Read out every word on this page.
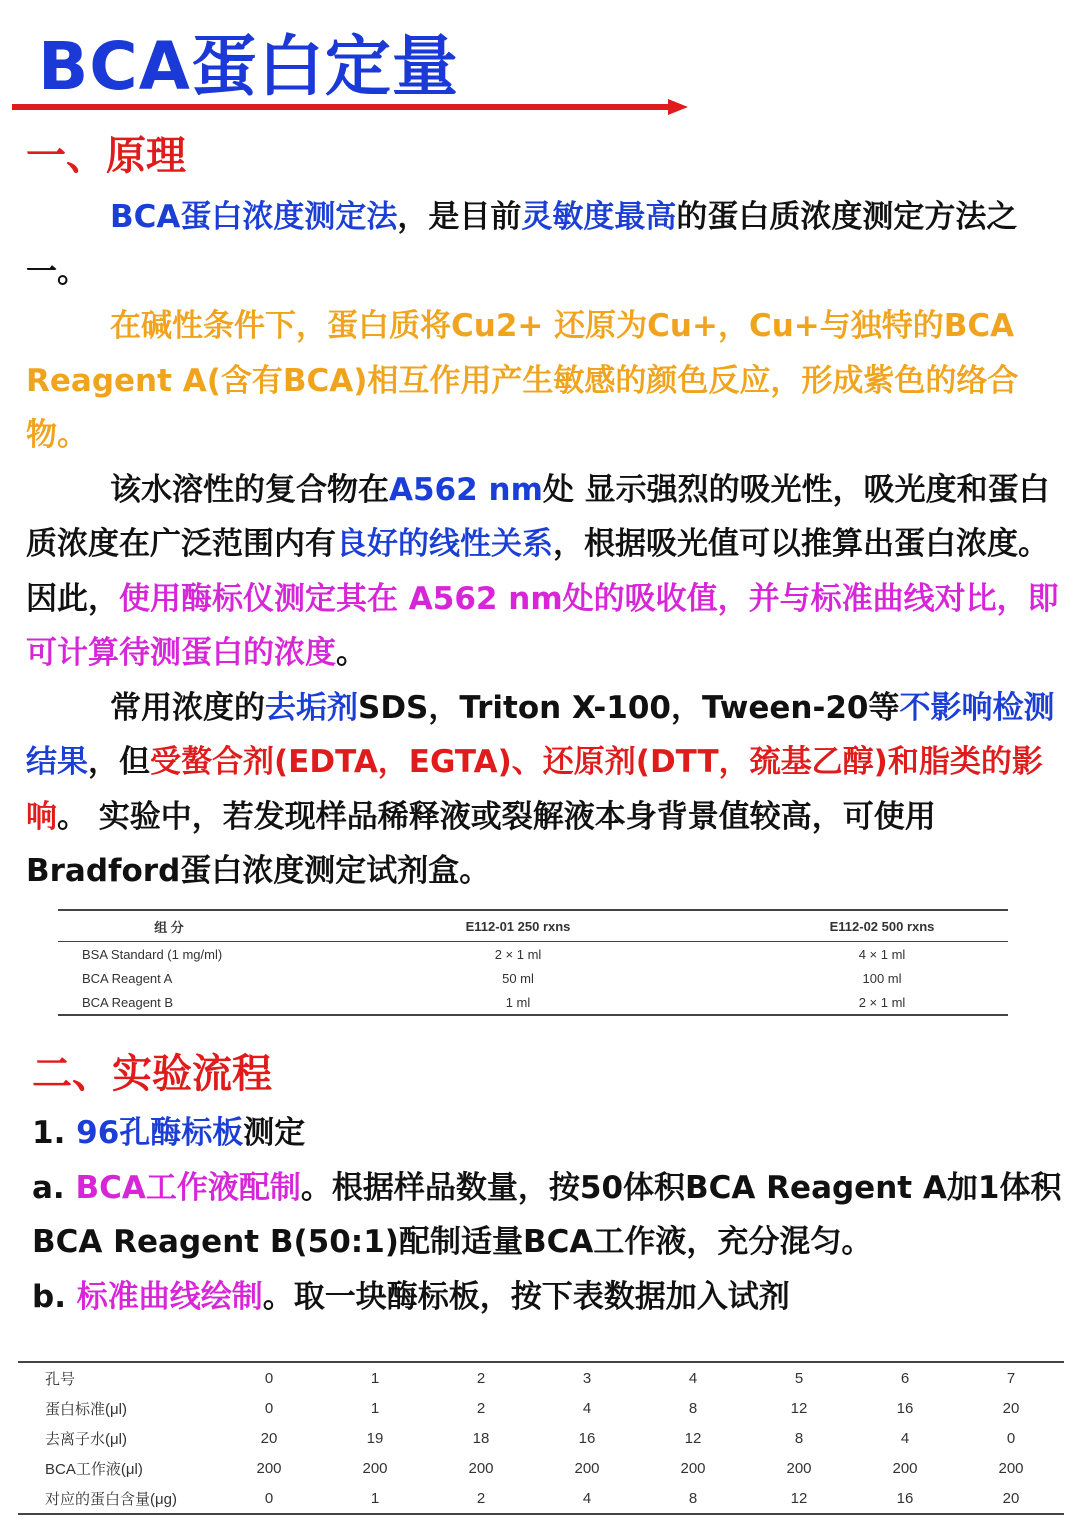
BCA蛋白定量
一、原理

BCA蛋白浓度测定法，是目前灵敏度最高的蛋白质浓度测定方法之一。

在碱性条件下，蛋白质将Cu2+ 还原为Cu+，Cu+与独特的BCA Reagent A(含有BCA)相互作用产生敏感的颜色反应，形成紫色的络合物。

该水溶性的复合物在A562 nm处 显示强烈的吸光性，吸光度和蛋白质浓度在广泛范围内有良好的线性关系，根据吸光值可以推算出蛋白浓度。因此，使用酶标仪测定其在 A562 nm处的吸收值，并与标准曲线对比，即可计算待测蛋白的浓度。

常用浓度的去垢剂SDS，Triton X-100，Tween-20等不影响检测结果，但受螯合剂(EDTA，EGTA)、还原剂(DTT，巯基乙醇)和脂类的影响。 实验中，若发现样品稀释液或裂解液本身背景值较高，可使用Bradford蛋白浓度测定试剂盒。

组 分	E112-01 250 rxns	E112-02 500 rxns
BSA Standard (1 mg/ml)	2 × 1 ml	4 × 1 ml
BCA Reagent A	50 ml	100 ml
BCA Reagent B	1 ml	2 × 1 ml
二、实验流程

1. 96孔酶标板测定

a. BCA工作液配制。根据样品数量，按50体积BCA Reagent A加1体积BCA Reagent B(50:1)配制适量BCA工作液，充分混匀。

b. 标准曲线绘制。取一块酶标板，按下表数据加入试剂

孔号	0	1	2	3	4	5	6	7
蛋白标准(μl)	0	1	2	4	8	12	16	20
去离子水(μl)	20	19	18	16	12	8	4	0
BCA工作液(μl)	200	200	200	200	200	200	200	200
对应的蛋白含量(μg)	0	1	2	4	8	12	16	20
